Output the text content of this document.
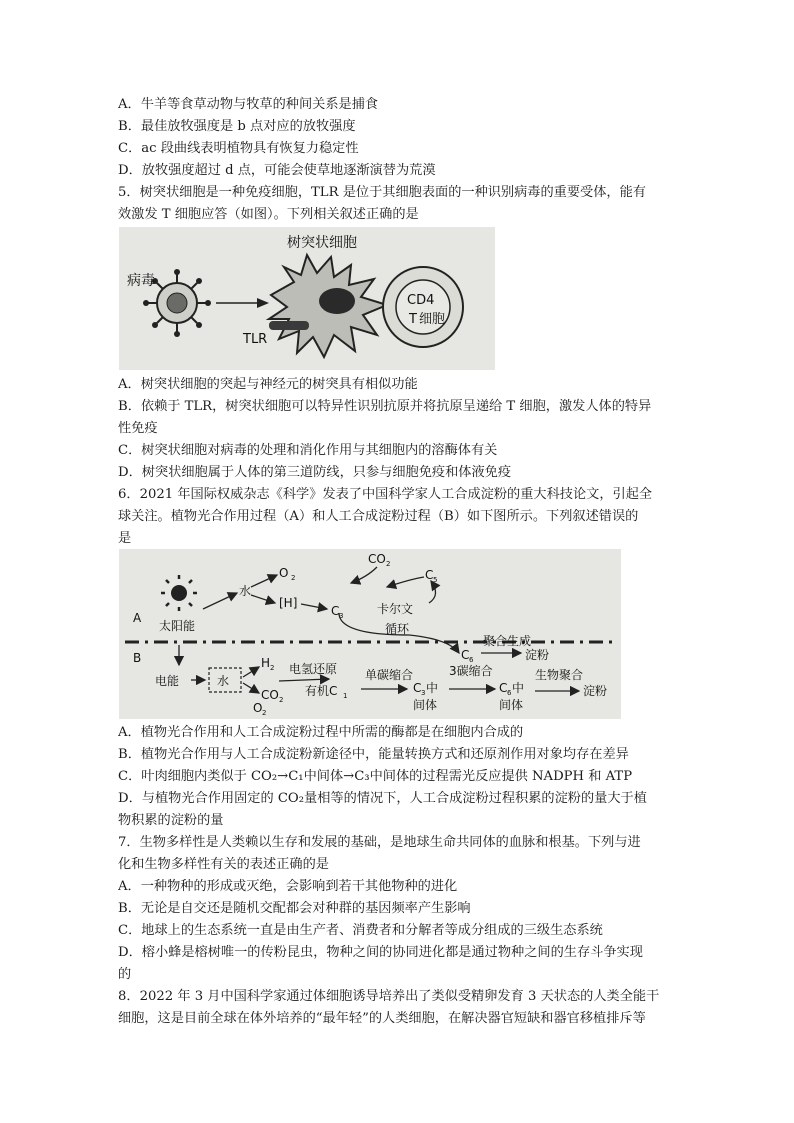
A．牛羊等食草动物与牧草的种间关系是捕食
B．最佳放牧强度是 b 点对应的放牧强度
C．ac 段曲线表明植物具有恢复力稳定性
D．放牧强度超过 d 点，可能会使草地逐渐演替为荒漠
5．树突状细胞是一种免疫细胞，TLR 是位于其细胞表面的一种识别病毒的重要受体，能有
效激发 T 细胞应答（如图）。下列相关叙述正确的是
树突状细胞
病毒
TLR
CD4
T 细胞
A．树突状细胞的突起与神经元的树突具有相似功能
B．依赖于 TLR，树突状细胞可以特异性识别抗原并将抗原呈递给 T 细胞，激发人体的特异
性免疫
C．树突状细胞对病毒的处理和消化作用与其细胞内的溶酶体有关
D．树突状细胞属于人体的第三道防线，只参与细胞免疫和体液免疫
6．2021 年国际权威杂志《科学》发表了中国科学家人工合成淀粉的重大科技论文，引起全
球关注。植物光合作用过程（A）和人工合成淀粉过程（B）如下图所示。下列叙述错误的
是
太阳能
水
O 2
[H]
CO 2
C 3
C 5
卡尔文
循环
C 6
聚合生成
淀粉
A
B
电能	水
H 2
CO 2
O 2
电氢还原
有机C 1
单碳缩合
C 3 中
间体
3碳缩合
C 6 中
间体
生物聚合
淀粉
A．植物光合作用和人工合成淀粉过程中所需的酶都是在细胞内合成的
B．植物光合作用与人工合成淀粉新途径中，能量转换方式和还原剂作用对象均存在差异
C．叶肉细胞内类似于 CO₂→C₁中间体→C₃中间体的过程需光反应提供 NADPH 和 ATP
D．与植物光合作用固定的 CO₂量相等的情况下，人工合成淀粉过程积累的淀粉的量大于植
物积累的淀粉的量
7．生物多样性是人类赖以生存和发展的基础，是地球生命共同体的血脉和根基。下列与进
化和生物多样性有关的表述正确的是
A．一种物种的形成或灭绝，会影响到若干其他物种的进化
B．无论是自交还是随机交配都会对种群的基因频率产生影响
C．地球上的生态系统一直是由生产者、消费者和分解者等成分组成的三级生态系统
D．榕小蜂是榕树唯一的传粉昆虫，物种之间的协同进化都是通过物种之间的生存斗争实现
的
8．2022 年 3 月中国科学家通过体细胞诱导培养出了类似受精卵发育 3 天状态的人类全能干
细胞，这是目前全球在体外培养的“最年轻”的人类细胞，在解决器官短缺和器官移植排斥等
